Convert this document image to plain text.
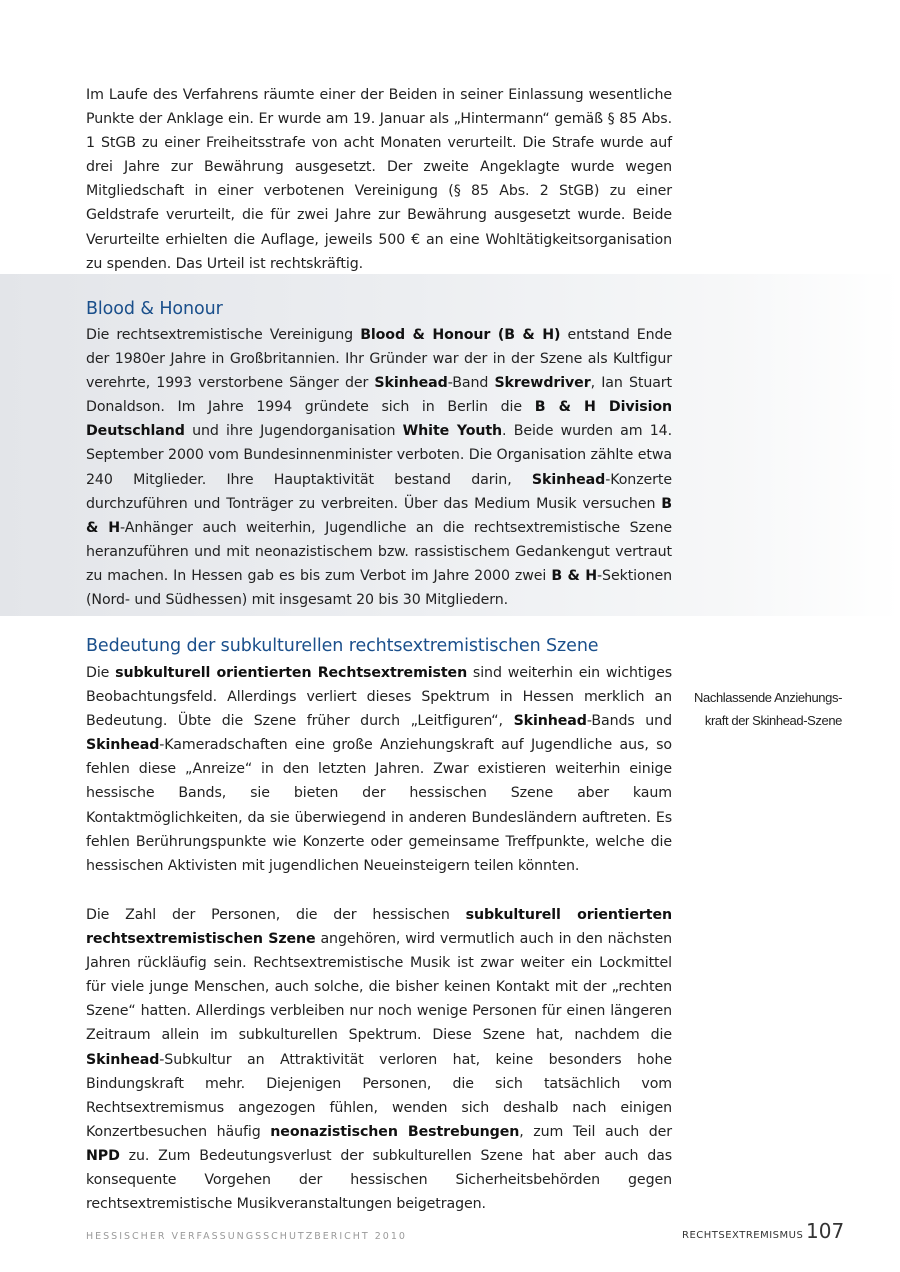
Im Laufe des Verfahrens räumte einer der Beiden in seiner Einlassung wesentliche Punkte der Anklage ein. Er wurde am 19. Januar als „Hintermann“ gemäß § 85 Abs. 1 StGB zu einer Freiheitsstrafe von acht Monaten verurteilt. Die Strafe wurde auf drei Jahre zur Bewährung ausgesetzt. Der zweite Angeklagte wurde wegen Mitgliedschaft in einer verbotenen Vereinigung (§ 85 Abs. 2 StGB) zu einer Geldstrafe verurteilt, die für zwei Jahre zur Bewährung ausgesetzt wurde. Beide Verurteilte erhielten die Auflage, jeweils 500 € an eine Wohltätigkeitsorganisation zu spenden. Das Urteil ist rechtskräftig.

Blood & Honour

Die rechtsextremistische Vereinigung Blood & Honour (B & H) entstand Ende der 1980er Jahre in Großbritannien. Ihr Gründer war der in der Szene als Kultfigur verehrte, 1993 verstorbene Sänger der Skinhead-Band Skrewdriver, Ian Stuart Donaldson. Im Jahre 1994 gründete sich in Berlin die B & H Division Deutschland und ihre Jugendorganisation White Youth. Beide wurden am 14. September 2000 vom Bundesinnenminister verboten. Die Organisation zählte etwa 240 Mitglieder. Ihre Hauptaktivität bestand darin, Skinhead-Konzerte durchzuführen und Tonträger zu verbreiten. Über das Medium Musik versuchen B & H-Anhänger auch weiterhin, Jugendliche an die rechtsextremistische Szene heranzuführen und mit neonazistischem bzw. rassistischem Gedankengut vertraut zu machen. In Hessen gab es bis zum Verbot im Jahre 2000 zwei B & H-Sektionen (Nord- und Südhessen) mit insgesamt 20 bis 30 Mitgliedern.

Bedeutung der subkulturellen rechtsextremistischen Szene

Die subkulturell orientierten Rechtsextremisten sind weiterhin ein wichtiges Beobachtungsfeld. Allerdings verliert dieses Spektrum in Hessen merklich an Bedeutung. Übte die Szene früher durch „Leitfiguren“, Skinhead-Bands und Skinhead-Kameradschaften eine große Anziehungskraft auf Jugendliche aus, so fehlen diese „Anreize“ in den letzten Jahren. Zwar existieren weiterhin einige hessische Bands, sie bieten der hessischen Szene aber kaum Kontaktmöglichkeiten, da sie überwiegend in anderen Bundesländern auftreten. Es fehlen Berührungspunkte wie Konzerte oder gemeinsame Treffpunkte, welche die hessischen Aktivisten mit jugendlichen Neueinsteigern teilen könnten.

Die Zahl der Personen, die der hessischen subkulturell orientierten rechtsextremistischen Szene angehören, wird vermutlich auch in den nächsten Jahren rückläufig sein. Rechtsextremistische Musik ist zwar weiter ein Lockmittel für viele junge Menschen, auch solche, die bisher keinen Kontakt mit der „rechten Szene“ hatten. Allerdings verbleiben nur noch wenige Personen für einen längeren Zeitraum allein im subkulturellen Spektrum. Diese Szene hat, nachdem die Skinhead-Subkultur an Attraktivität verloren hat, keine besonders hohe Bindungskraft mehr. Diejenigen Personen, die sich tatsächlich vom Rechtsextremismus angezogen fühlen, wenden sich deshalb nach einigen Konzertbesuchen häufig neonazistischen Bestrebungen, zum Teil auch der NPD zu. Zum Bedeutungsverlust der subkulturellen Szene hat aber auch das konsequente Vorgehen der hessischen Sicherheitsbehörden gegen rechtsextremistische Musikveranstaltungen beigetragen.

Nachlassende Anziehungs-kraft der Skinhead-Szene
HESSISCHER VERFASSUNGSSCHUTZBERICHT 2010	RECHTSEXTREMISMUS 107
